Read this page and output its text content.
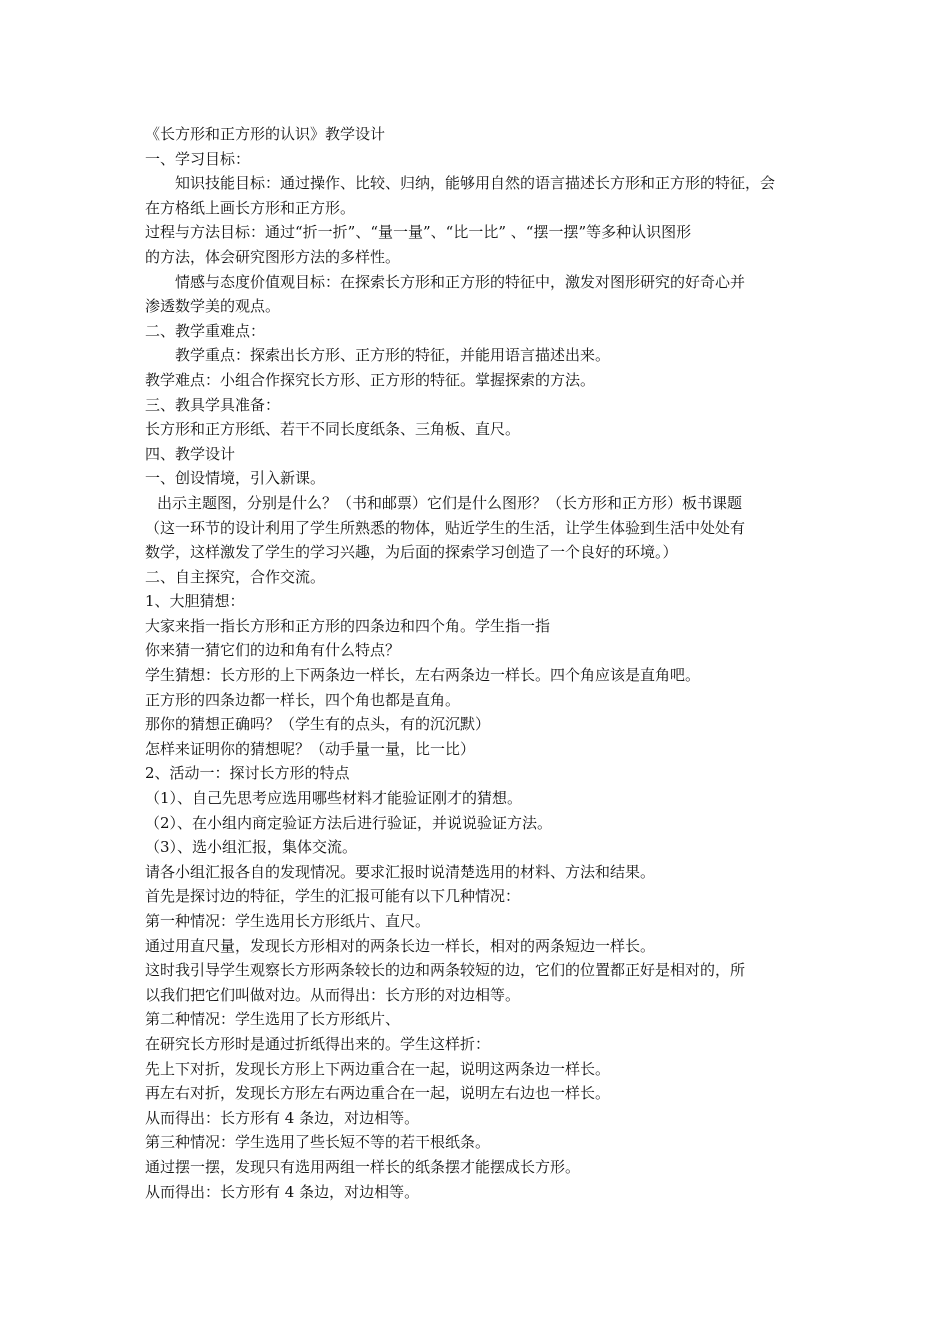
《长方形和正方形的认识》教学设计

一、学习目标：

知识技能目标：通过操作、比较、归纳，能够用自然的语言描述长方形和正方形的特征，会

在方格纸上画长方形和正方形。

过程与方法目标：通过“折一折”、“量一量”、“比一比” 、“摆一摆”等多种认识图形

的方法，体会研究图形方法的多样性。

情感与态度价值观目标：在探索长方形和正方形的特征中，激发对图形研究的好奇心并

渗透数学美的观点。

二、教学重难点：

教学重点：探索出长方形、正方形的特征，并能用语言描述出来。

教学难点：小组合作探究长方形、正方形的特征。掌握探索的方法。

三、教具学具准备：

长方形和正方形纸、若干不同长度纸条、三角板、直尺。

四、教学设计

一、创设情境，引入新课。

出示主题图，分别是什么？（书和邮票）它们是什么图形？（长方形和正方形）板书课题

（这一环节的设计利用了学生所熟悉的物体，贴近学生的生活，让学生体验到生活中处处有

数学，这样激发了学生的学习兴趣，为后面的探索学习创造了一个良好的环境。）

二、自主探究，合作交流。

1、大胆猜想：

大家来指一指长方形和正方形的四条边和四个角。学生指一指

你来猜一猜它们的边和角有什么特点？

学生猜想：长方形的上下两条边一样长，左右两条边一样长。四个角应该是直角吧。

正方形的四条边都一样长，四个角也都是直角。

那你的猜想正确吗？（学生有的点头，有的沉沉默）

怎样来证明你的猜想呢？（动手量一量，比一比）

2、活动一：探讨长方形的特点

（1）、自己先思考应选用哪些材料才能验证刚才的猜想。

（2）、在小组内商定验证方法后进行验证，并说说验证方法。

（3）、选小组汇报，集体交流。

请各小组汇报各自的发现情况。要求汇报时说清楚选用的材料、方法和结果。

首先是探讨边的特征，学生的汇报可能有以下几种情况：

第一种情况：学生选用长方形纸片、直尺。

通过用直尺量，发现长方形相对的两条长边一样长，相对的两条短边一样长。

这时我引导学生观察长方形两条较长的边和两条较短的边，它们的位置都正好是相对的，所

以我们把它们叫做对边。从而得出：长方形的对边相等。

第二种情况：学生选用了长方形纸片、

在研究长方形时是通过折纸得出来的。学生这样折：

先上下对折，发现长方形上下两边重合在一起，说明这两条边一样长。

再左右对折，发现长方形左右两边重合在一起，说明左右边也一样长。

从而得出：长方形有 4 条边，对边相等。

第三种情况：学生选用了些长短不等的若干根纸条。

通过摆一摆，发现只有选用两组一样长的纸条摆才能摆成长方形。

从而得出：长方形有 4 条边，对边相等。
